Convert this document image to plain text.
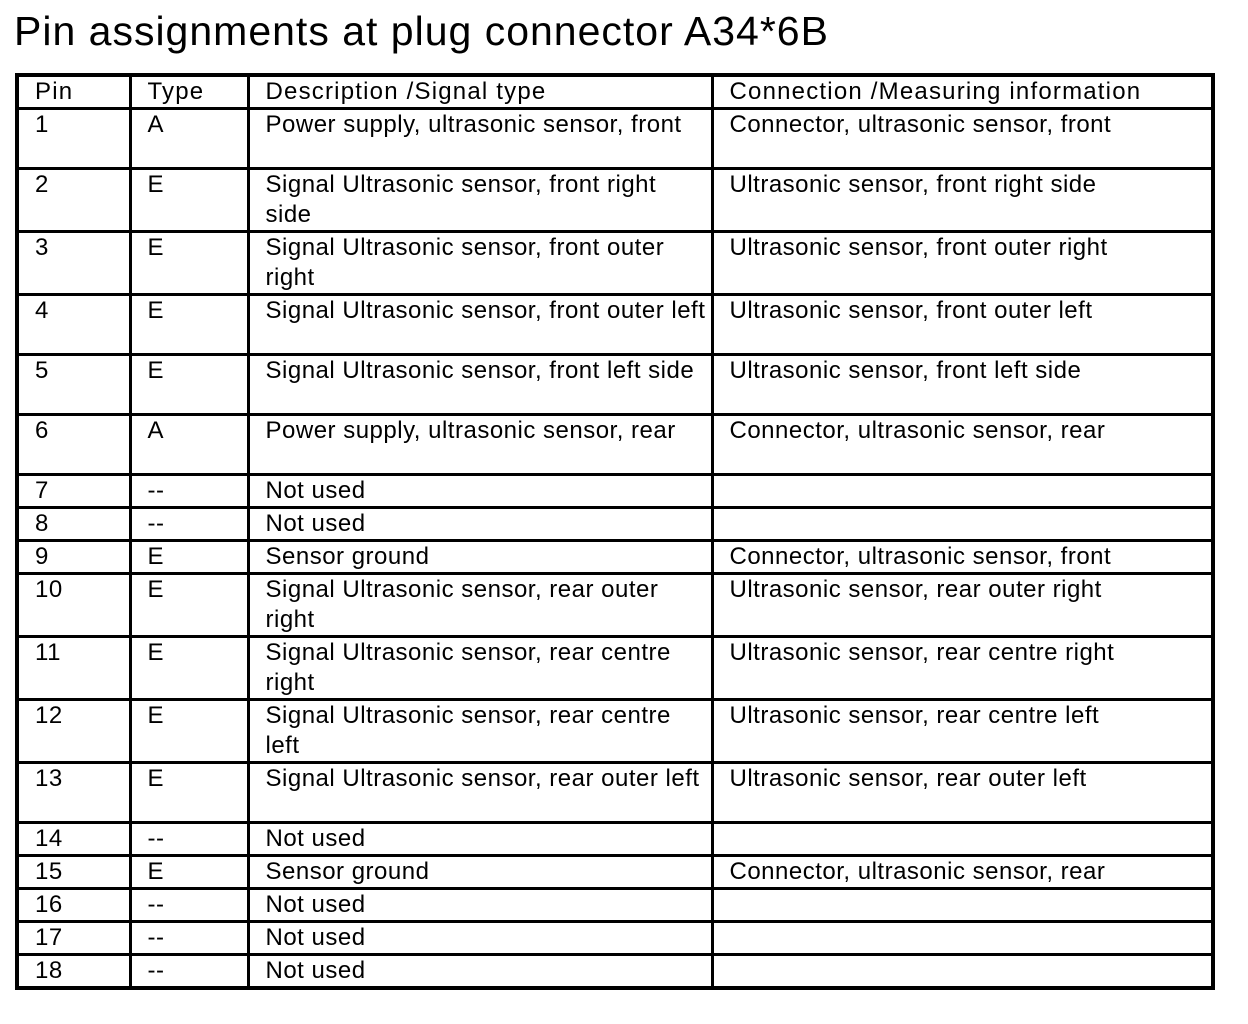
Pin assignments at plug connector A34*6B
Pin	Type	Description /Signal type	Connection /Measuring information
1	A	Power supply, ultrasonic sensor, front	Connector, ultrasonic sensor, front
2	E	Signal Ultrasonic sensor, front right side	Ultrasonic sensor, front right side
3	E	Signal Ultrasonic sensor, front outer right	Ultrasonic sensor, front outer right
4	E	Signal Ultrasonic sensor, front outer left	Ultrasonic sensor, front outer left
5	E	Signal Ultrasonic sensor, front left side	Ultrasonic sensor, front left side
6	A	Power supply, ultrasonic sensor, rear	Connector, ultrasonic sensor, rear
7	--	Not used	
8	--	Not used	
9	E	Sensor ground	Connector, ultrasonic sensor, front
10	E	Signal Ultrasonic sensor, rear outer right	Ultrasonic sensor, rear outer right
11	E	Signal Ultrasonic sensor, rear centre right	Ultrasonic sensor, rear centre right
12	E	Signal Ultrasonic sensor, rear centre left	Ultrasonic sensor, rear centre left
13	E	Signal Ultrasonic sensor, rear outer left	Ultrasonic sensor, rear outer left
14	--	Not used	
15	E	Sensor ground	Connector, ultrasonic sensor, rear
16	--	Not used	
17	--	Not used	
18	--	Not used	
